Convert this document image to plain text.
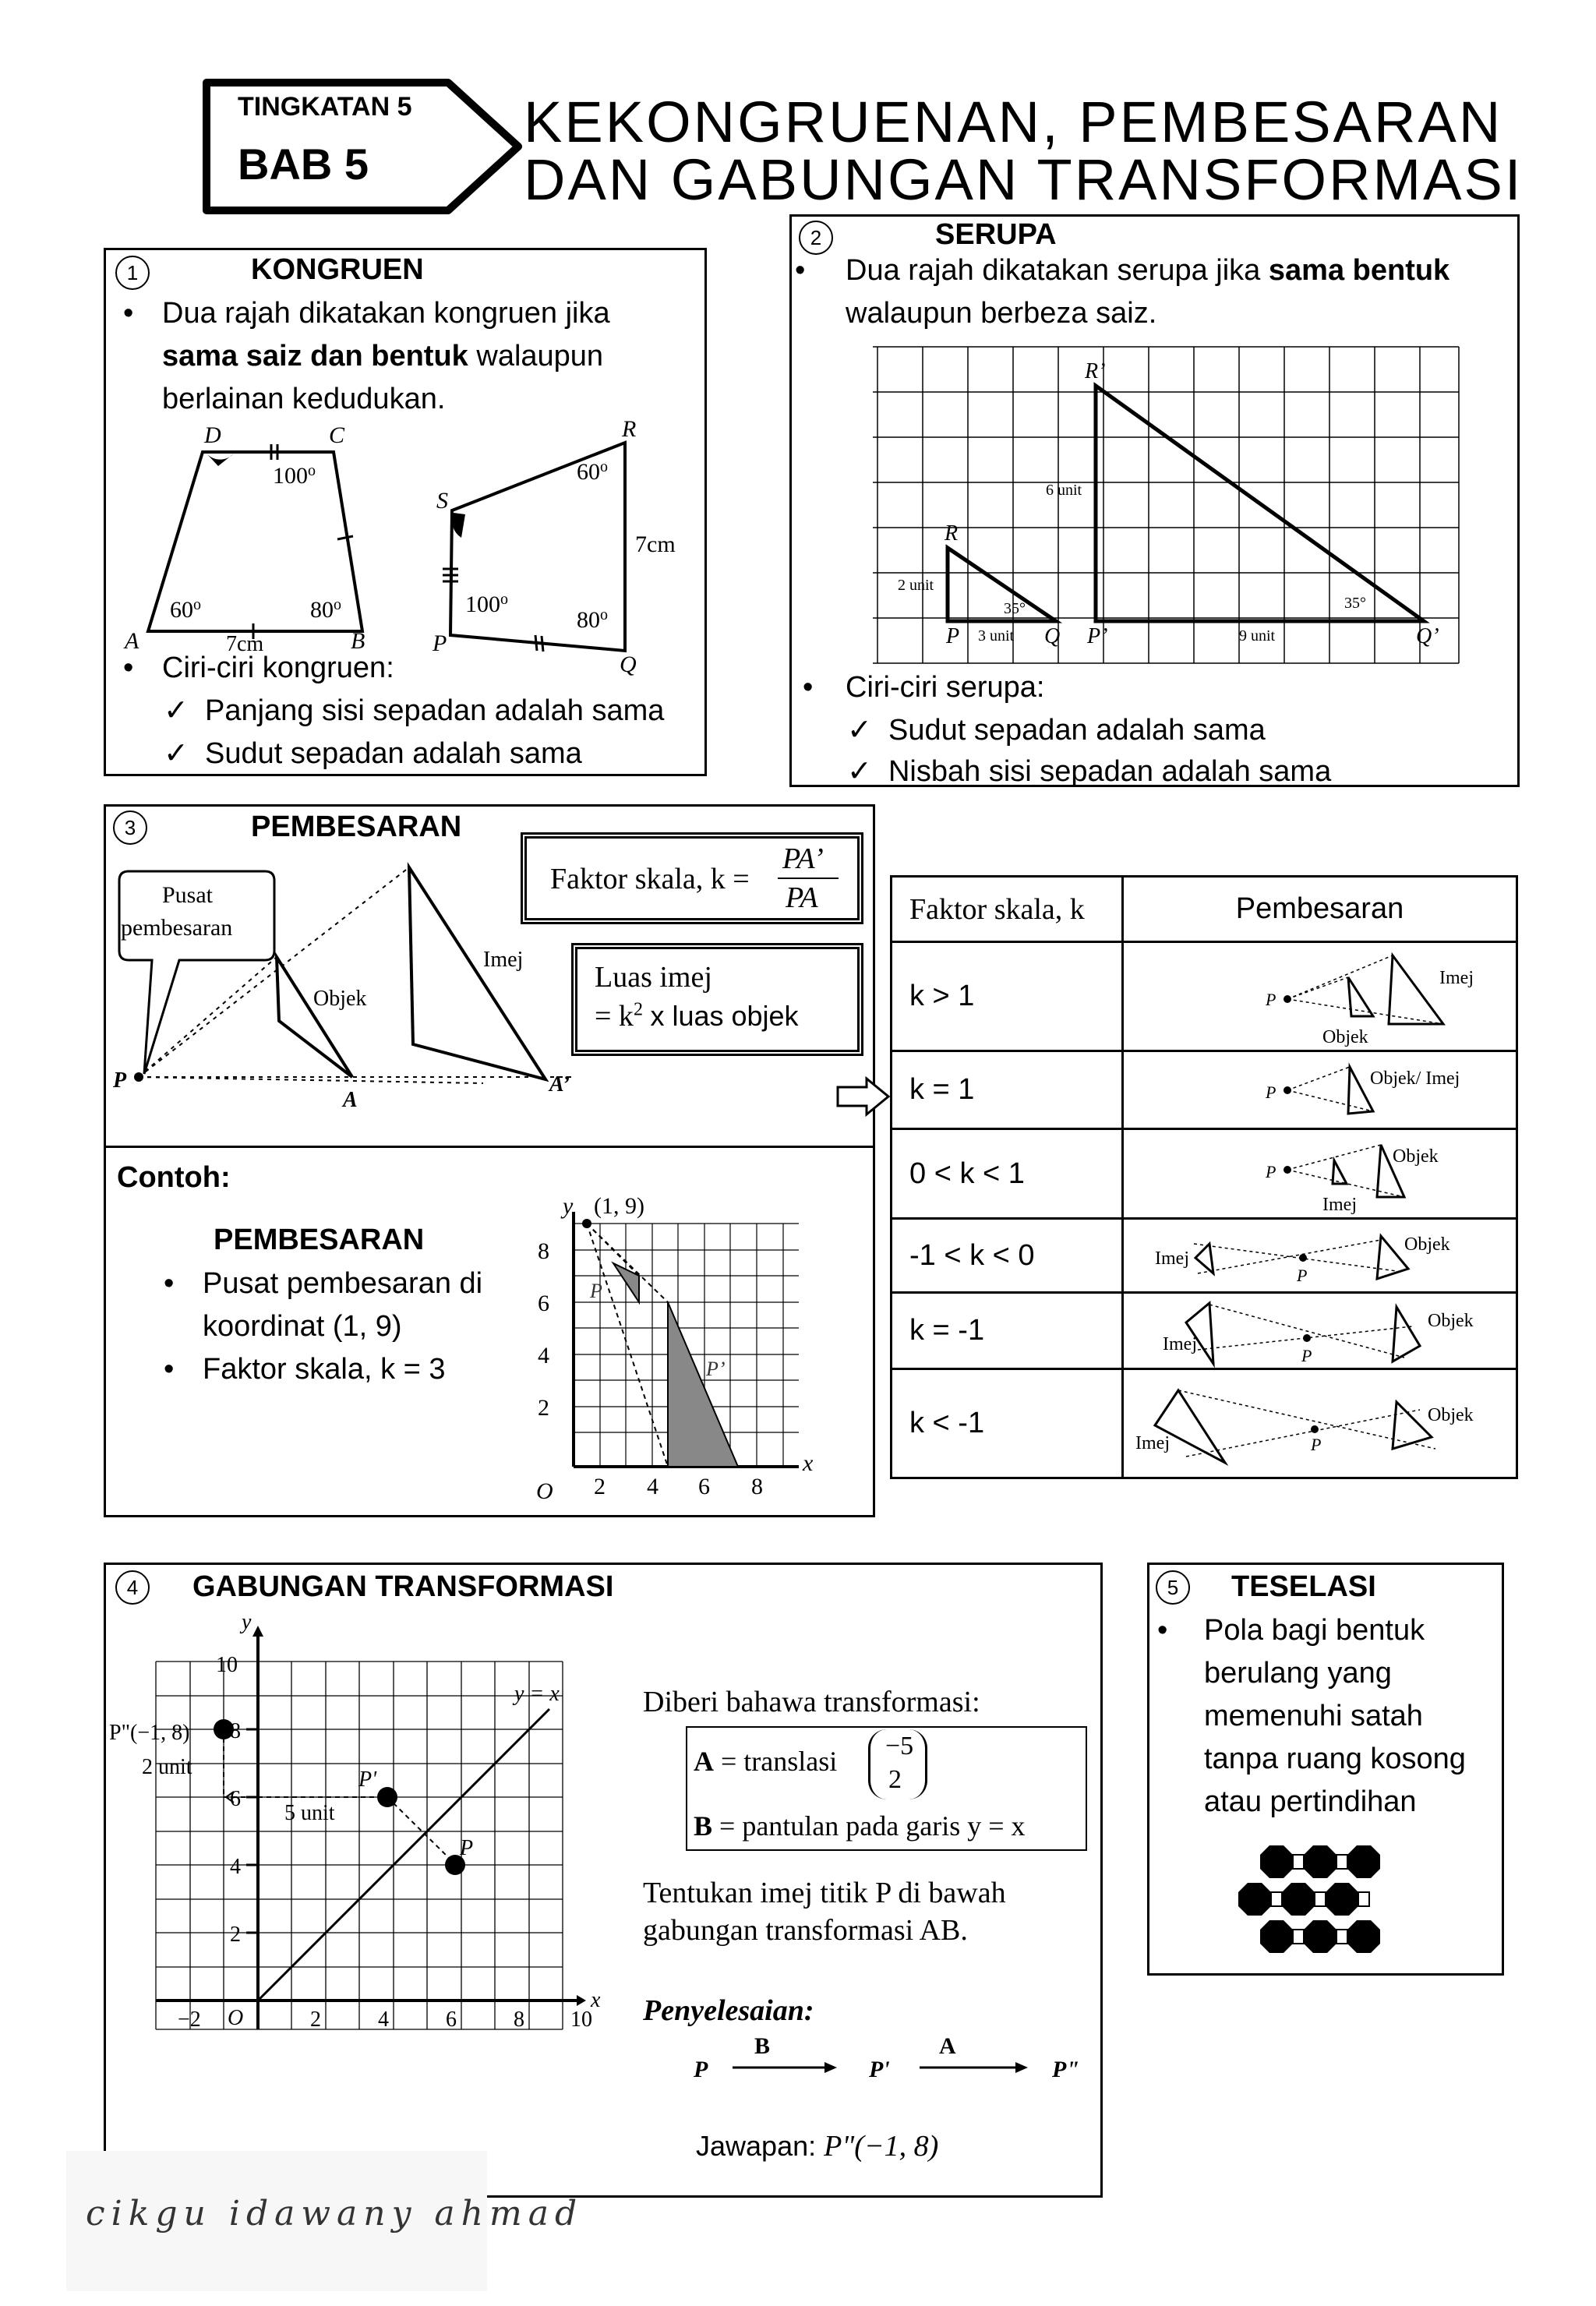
TINGKATAN 5
BAB 5
KEKONGRUENAN, PEMBESARAN
DAN GABUNGAN TRANSFORMASI
1	KONGRUEN
• Dua rajah dikatakan kongruen jika sama saiz dan bentuk walaupun berlainan kedudukan.
D	C
A	B
100$^o$
60$^o$	80$^o$
7cm
R
S
P
Q
60$^o$
100$^o$
80$^o$
7cm
• Ciri-ciri kongruen:
✓  Panjang sisi sepadan adalah sama
✓  Sudut sepadan adalah sama
2	SERUPA
• Dua rajah dikatakan serupa jika sama bentuk walaupun berbeza saiz.
R
R’
P	Q P’	Q’
2 unit
6 unit
3 unit	9 unit
35°	35°
• Ciri-ciri serupa:
✓  Sudut sepadan adalah sama
✓  Nisbah sisi sepadan adalah sama
3	PEMBESARAN
Pusat
pembesaran
P
A
A’
Imej
Objek
Faktor skala, k =
PA’
PA
Luas imej
= $k^2$ x luas objek
Contoh:
PEMBESARAN
• Pusat pembesaran di koordinat (1, 9)
• Faktor skala, k = 3
y (1, 9)
x
O
8
6
4
2
2 4 6 8
P
P’
Faktor skala, k	Pembesaran
k > 1	P
Imej
Objek

k = 1	P
Objek/ Imej

0 < k < 1	P
Objek
Imej

-1 < k < 0	P
Objek
Imej

k = -1	P
Objek
Imej

k < -1	P
Objek
Imej
4	GABUNGAN TRANSFORMASI
y
x
O
y = x
P"(−1, 8)
P'
P
2 unit
5 unit
10
8
6
4
2
−2	2	4	6	8 10
Diberi bahawa transformasi:
A = translasi −5
2
B = pantulan pada garis y = x
Tentukan imej titik P di bawah gabungan transformasi AB.
Penyelesaian:
P
B
P'
A
P"
Jawapan: P"(−1, 8)
5	TESELASI
• Pola bagi bentuk berulang yang memenuhi satah tanpa ruang kosong atau pertindihan
cikgu idawany ahmad
